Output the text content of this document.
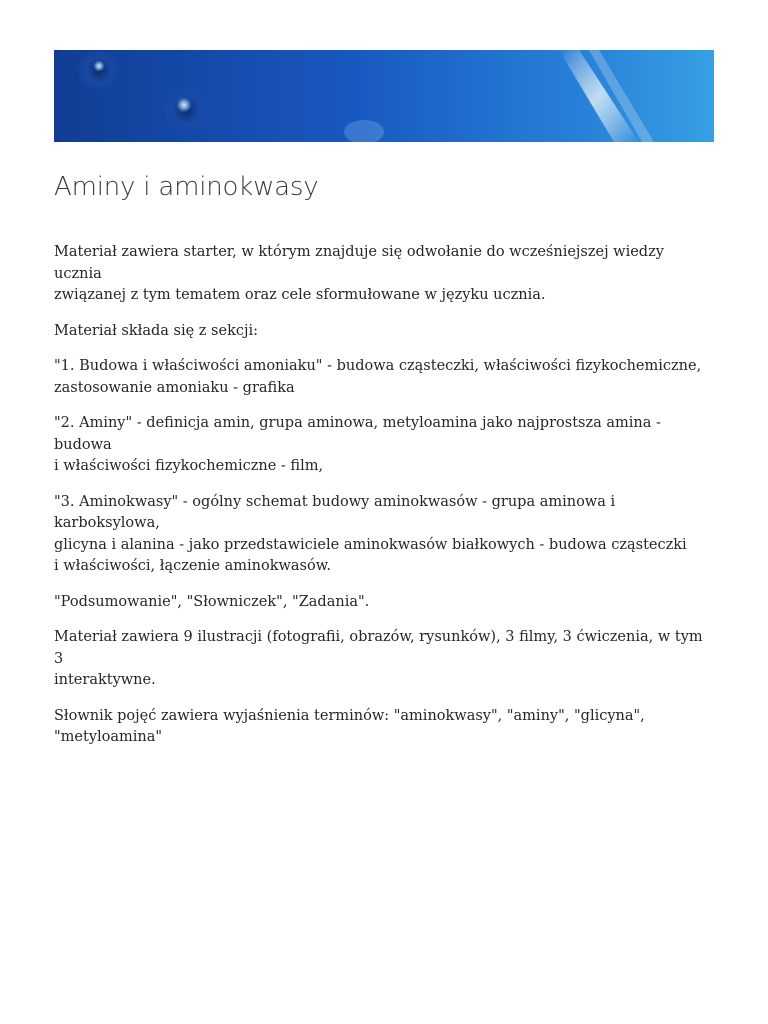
Aminy i aminokwasy

Materiał zawiera starter, w którym znajduje się odwołanie do wcześniejszej wiedzy ucznia
związanej z tym tematem oraz cele sformułowane w języku ucznia.

Materiał składa się z sekcji:

"1. Budowa i właściwości amoniaku" - budowa cząsteczki, właściwości fizykochemiczne,
zastosowanie amoniaku - grafika

"2. Aminy" - definicja amin, grupa aminowa, metyloamina jako najprostsza amina - budowa
i właściwości fizykochemiczne - film,

"3. Aminokwasy" - ogólny schemat budowy aminokwasów - grupa aminowa i karboksylowa,
glicyna i alanina - jako przedstawiciele aminokwasów białkowych - budowa cząsteczki
i właściwości, łączenie aminokwasów.

"Podsumowanie", "Słowniczek", "Zadania".

Materiał zawiera 9 ilustracji (fotografii, obrazów, rysunków), 3 filmy, 3 ćwiczenia, w tym 3
interaktywne.

Słownik pojęć zawiera wyjaśnienia terminów: "aminokwasy", "aminy", "glicyna",
"metyloamina"
